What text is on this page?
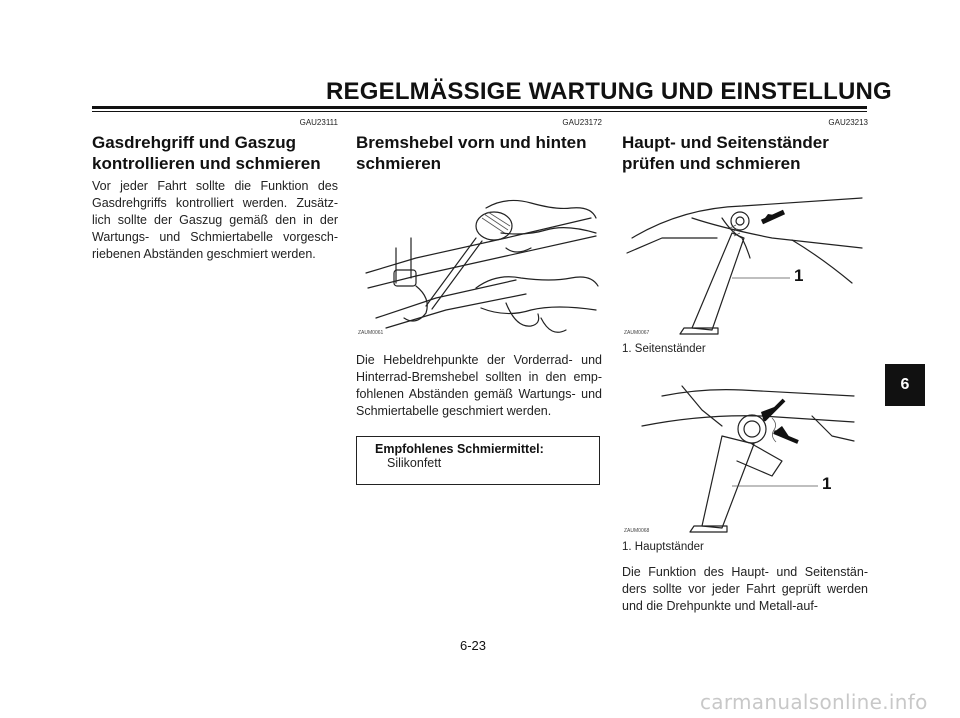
REGELMÄSSIGE WARTUNG UND EINSTELLUNG
GAU23111
Gasdrehgriff und Gaszug kontrollieren und schmieren

Vor jeder Fahrt sollte die Funktion des Gasdrehgriffs kontrolliert werden. Zusätz-lich sollte der Gaszug gemäß den in der Wartungs- und Schmiertabelle vorgesch-riebenen Abständen geschmiert werden.

GAU23172
Bremshebel vorn und hinten schmieren
ZAUM0061

Die Hebeldrehpunkte der Vorderrad- und Hinterrad-Bremshebel sollten in den emp-fohlenen Abständen gemäß Wartungs- und Schmiertabelle geschmiert werden.

Empfohlenes Schmiermittel:
Silikonfett
GAU23213
Haupt- und Seitenständer prüfen und schmieren
1
ZAUM0067
1. Seitenständer
1
ZAUM0068
1. Hauptständer

Die Funktion des Haupt- und Seitenstän-ders sollte vor jeder Fahrt geprüft werden und die Drehpunkte und Metall-auf-

6
6-23
carmanualsonline.info
